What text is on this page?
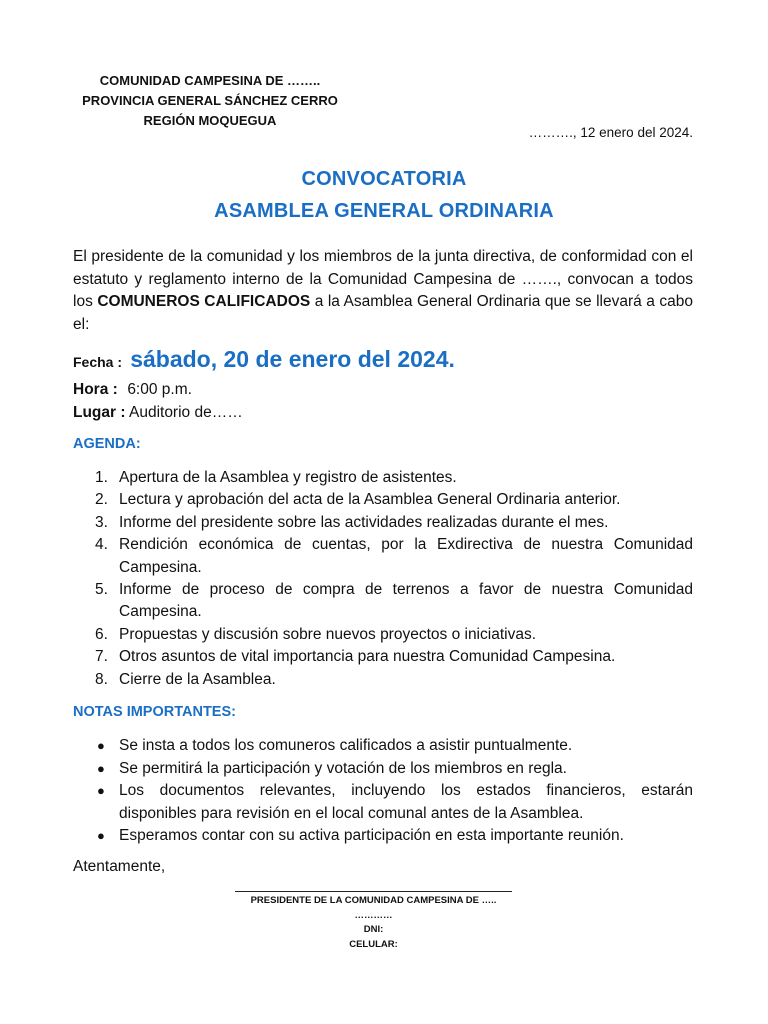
COMUNIDAD CAMPESINA DE ……..
PROVINCIA GENERAL SÁNCHEZ CERRO
REGIÓN MOQUEGUA
………., 12 enero del 2024.
CONVOCATORIA
ASAMBLEA GENERAL ORDINARIA
El presidente de la comunidad y los miembros de la junta directiva, de conformidad con el estatuto y reglamento interno de la Comunidad Campesina de ……., convocan a todos los COMUNEROS CALIFICADOS a la Asamblea General Ordinaria que se llevará a cabo el:
Fecha : sábado, 20 de enero del 2024.
Hora : 6:00 p.m.
Lugar : Auditorio de……
AGENDA:
1. Apertura de la Asamblea y registro de asistentes.
2. Lectura y aprobación del acta de la Asamblea General Ordinaria anterior.
3. Informe del presidente sobre las actividades realizadas durante el mes.
4. Rendición económica de cuentas, por la Exdirectiva de nuestra Comunidad Campesina.
5. Informe de proceso de compra de terrenos a favor de nuestra Comunidad Campesina.
6. Propuestas y discusión sobre nuevos proyectos o iniciativas.
7. Otros asuntos de vital importancia para nuestra Comunidad Campesina.
8. Cierre de la Asamblea.
NOTAS IMPORTANTES:
● Se insta a todos los comuneros calificados a asistir puntualmente.
● Se permitirá la participación y votación de los miembros en regla.
● Los documentos relevantes, incluyendo los estados financieros, estarán disponibles para revisión en el local comunal antes de la Asamblea.
● Esperamos contar con su activa participación en esta importante reunión.
Atentamente,
PRESIDENTE DE LA COMUNIDAD CAMPESINA DE …..
…………
DNI:
CELULAR:
